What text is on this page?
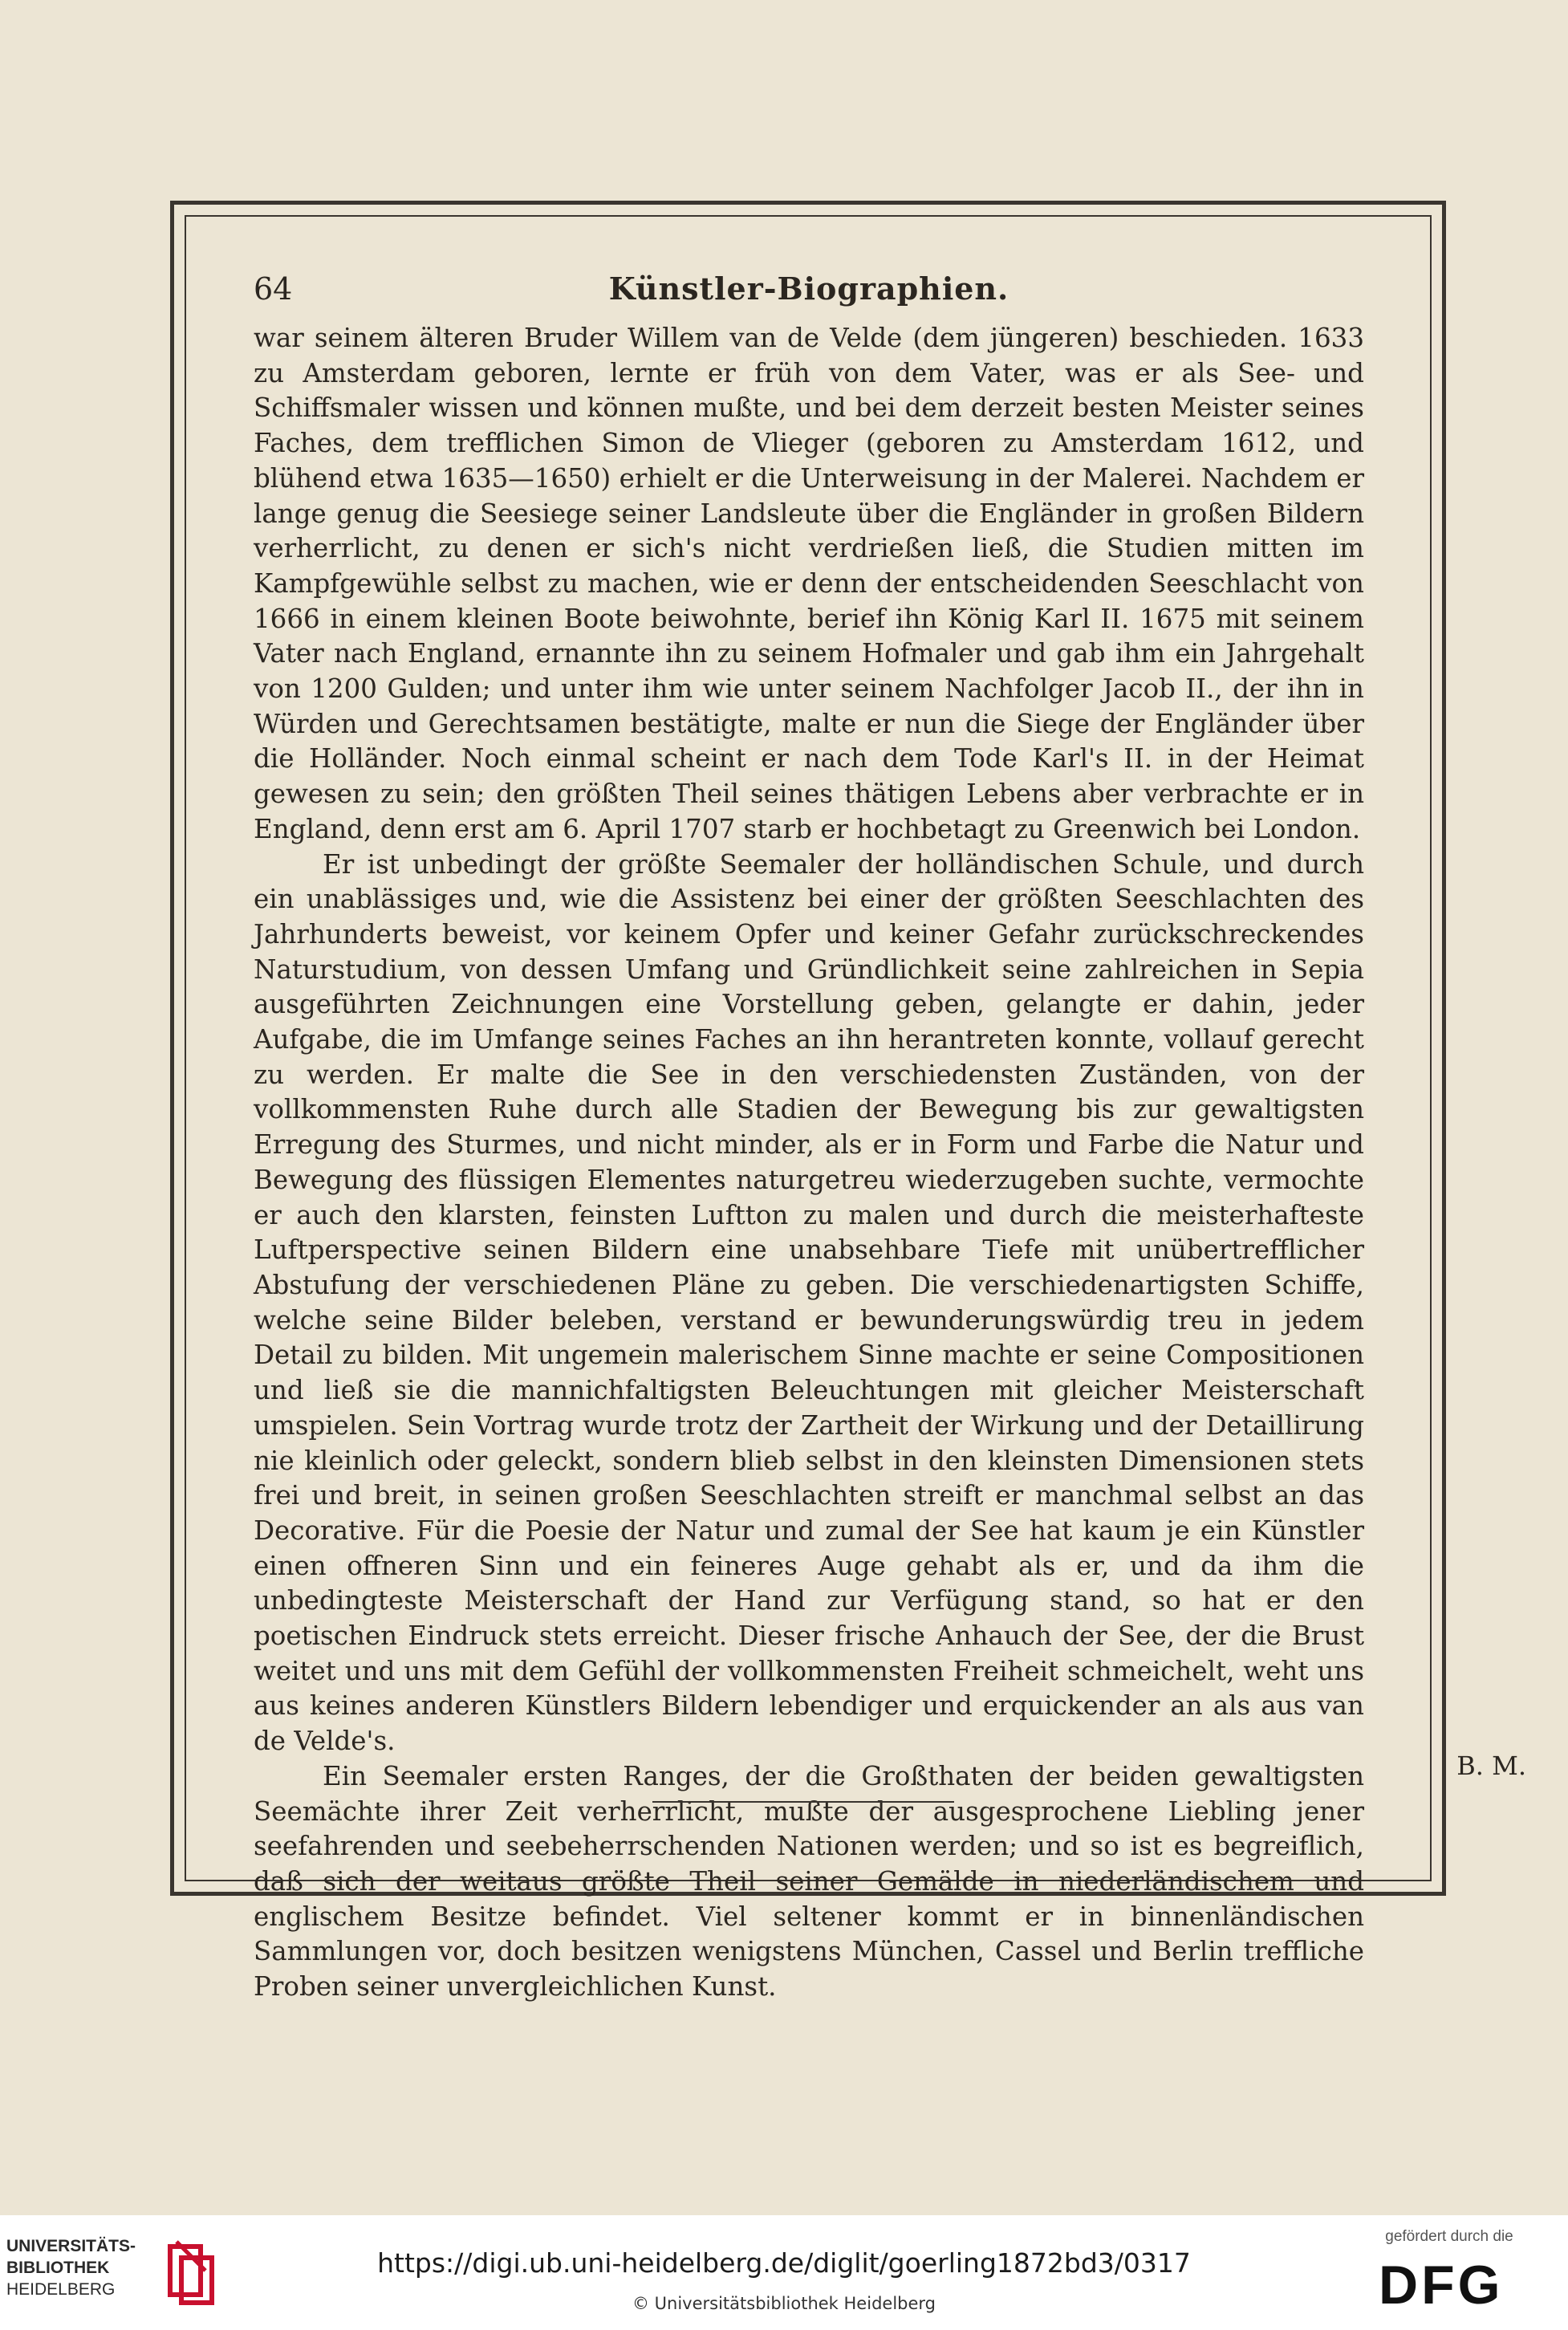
64	Künstler-Biographien.

war seinem älteren Bruder Willem van de Velde (dem jüngeren) beschieden. 1633 zu Amsterdam geboren, lernte er früh von dem Vater, was er als See- und Schiffsmaler wissen und können mußte, und bei dem derzeit besten Meister seines Faches, dem trefflichen Simon de Vlieger (geboren zu Amsterdam 1612, und blühend etwa 1635—1650) erhielt er die Unterweisung in der Malerei. Nachdem er lange genug die Seesiege seiner Landsleute über die Engländer in großen Bildern verherrlicht, zu denen er sich's nicht verdrießen ließ, die Studien mitten im Kampfgewühle selbst zu machen, wie er denn der entscheidenden Seeschlacht von 1666 in einem kleinen Boote beiwohnte, berief ihn König Karl II. 1675 mit seinem Vater nach England, ernannte ihn zu seinem Hofmaler und gab ihm ein Jahrgehalt von 1200 Gulden; und unter ihm wie unter seinem Nachfolger Jacob II., der ihn in Würden und Gerechtsamen bestätigte, malte er nun die Siege der Engländer über die Holländer. Noch einmal scheint er nach dem Tode Karl's II. in der Heimat gewesen zu sein; den größten Theil seines thätigen Lebens aber verbrachte er in England, denn erst am 6. April 1707 starb er hochbetagt zu Greenwich bei London.

Er ist unbedingt der größte Seemaler der holländischen Schule, und durch ein unablässiges und, wie die Assistenz bei einer der größten Seeschlachten des Jahrhunderts beweist, vor keinem Opfer und keiner Gefahr zurückschreckendes Naturstudium, von dessen Umfang und Gründlichkeit seine zahlreichen in Sepia ausgeführten Zeichnungen eine Vorstellung geben, gelangte er dahin, jeder Aufgabe, die im Umfange seines Faches an ihn herantreten konnte, vollauf gerecht zu werden. Er malte die See in den verschiedensten Zuständen, von der vollkommensten Ruhe durch alle Stadien der Bewegung bis zur gewaltigsten Erregung des Sturmes, und nicht minder, als er in Form und Farbe die Natur und Bewegung des flüssigen Elementes naturgetreu wiederzugeben suchte, vermochte er auch den klarsten, feinsten Luftton zu malen und durch die meisterhafteste Luftperspective seinen Bildern eine unabsehbare Tiefe mit unübertrefflicher Abstufung der verschiedenen Pläne zu geben. Die verschiedenartigsten Schiffe, welche seine Bilder beleben, verstand er bewunderungswürdig treu in jedem Detail zu bilden. Mit ungemein malerischem Sinne machte er seine Compositionen und ließ sie die mannichfaltigsten Beleuchtungen mit gleicher Meisterschaft umspielen. Sein Vortrag wurde trotz der Zartheit der Wirkung und der Detaillirung nie kleinlich oder geleckt, sondern blieb selbst in den kleinsten Dimensionen stets frei und breit, in seinen großen Seeschlachten streift er manchmal selbst an das Decorative. Für die Poesie der Natur und zumal der See hat kaum je ein Künstler einen offneren Sinn und ein feineres Auge gehabt als er, und da ihm die unbedingteste Meisterschaft der Hand zur Verfügung stand, so hat er den poetischen Eindruck stets erreicht. Dieser frische Anhauch der See, der die Brust weitet und uns mit dem Gefühl der vollkommensten Freiheit schmeichelt, weht uns aus keines anderen Künstlers Bildern lebendiger und erquickender an als aus van de Velde's.

Ein Seemaler ersten Ranges, der die Großthaten der beiden gewaltigsten Seemächte ihrer Zeit verherrlicht, mußte der ausgesprochene Liebling jener seefahrenden und seebeherrschenden Nationen werden; und so ist es begreiflich, daß sich der weitaus größte Theil seiner Gemälde in niederländischem und englischem Besitze befindet. Viel seltener kommt er in binnenländischen Sammlungen vor, doch besitzen wenigstens München, Cassel und Berlin treffliche Proben seiner unvergleichlichen Kunst.

B. M.
UNIVERSITÄTS-
BIBLIOTHEK
HEIDELBERG
https://digi.ub.uni-heidelberg.de/diglit/goerling1872bd3/0317
© Universitätsbibliothek Heidelberg
gefördert durch die
DFG
